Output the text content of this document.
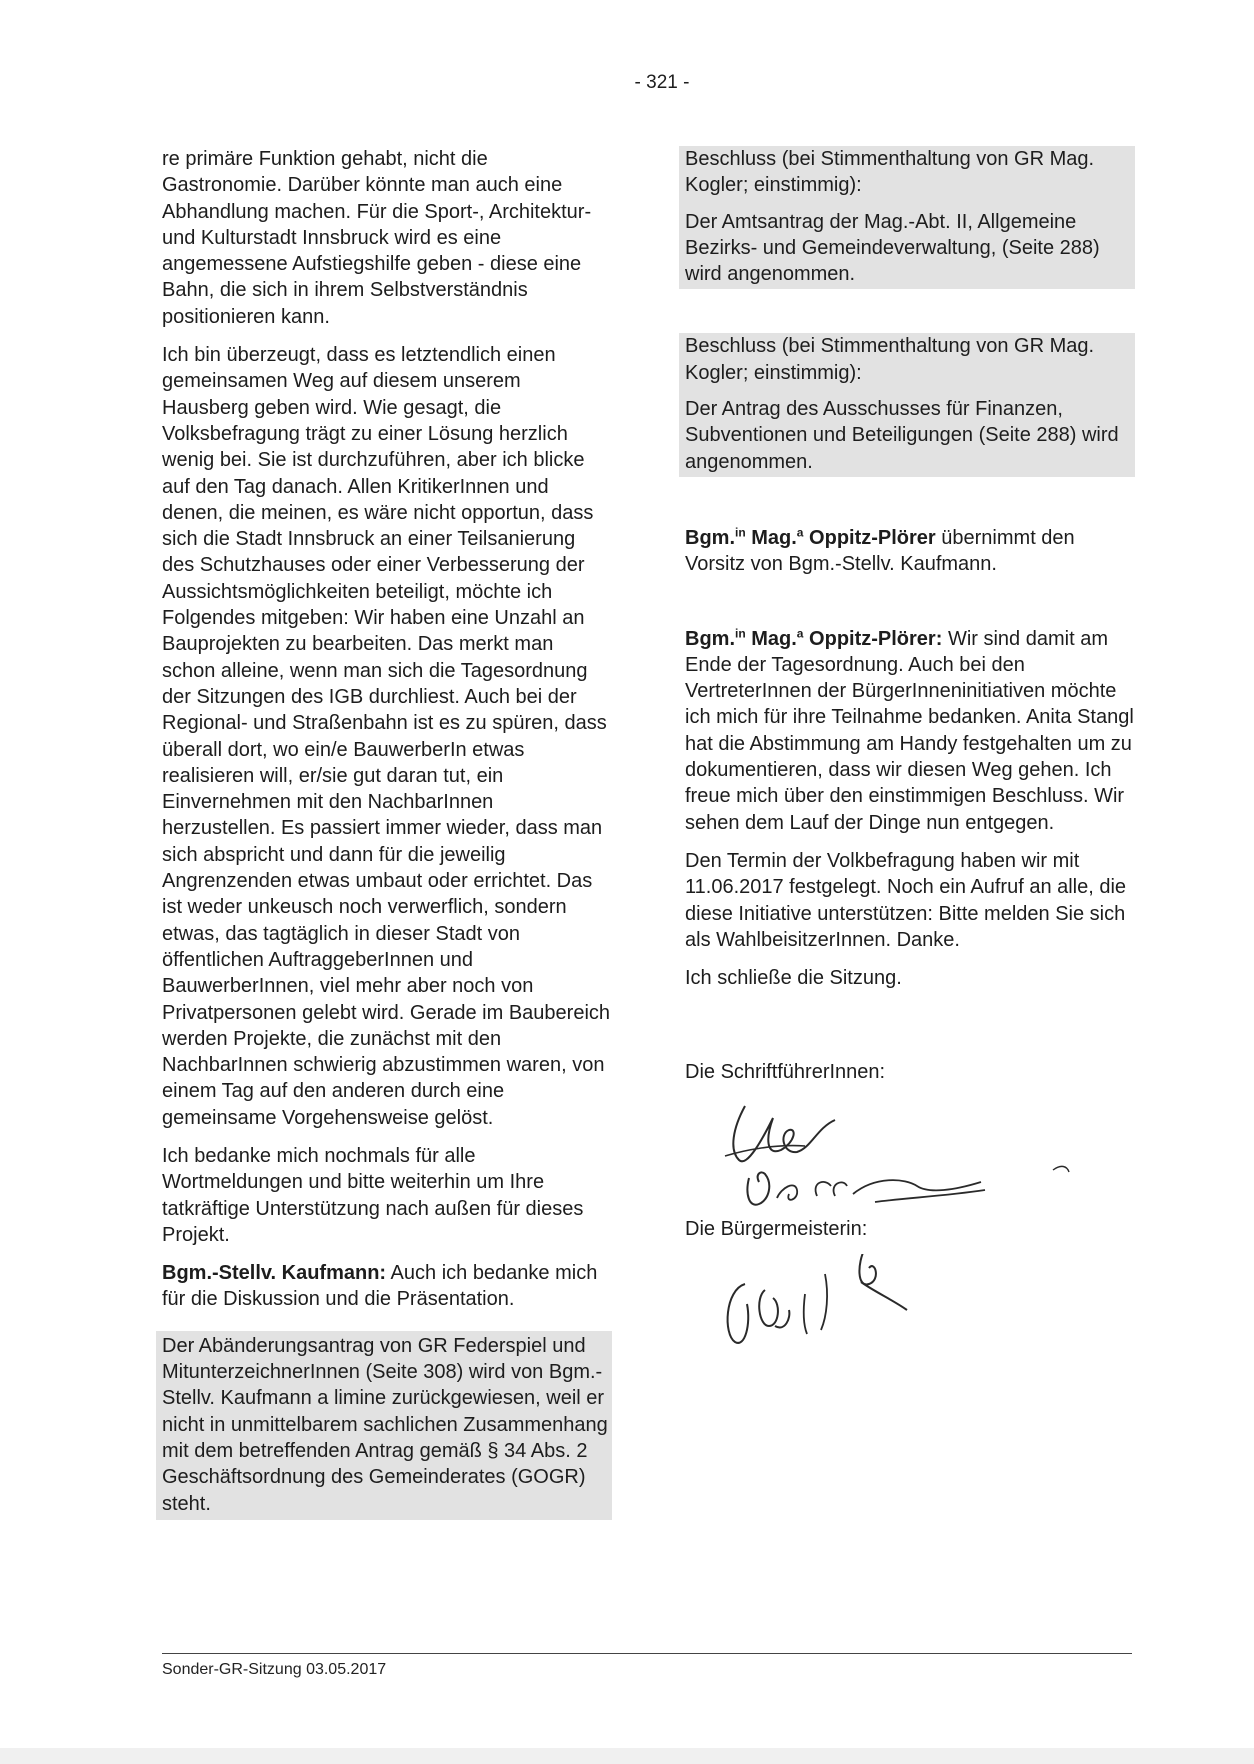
- 321 -

re primäre Funktion gehabt, nicht die Gastronomie. Darüber könnte man auch eine Abhandlung machen. Für die Sport-, Architektur- und Kulturstadt Innsbruck wird es eine angemessene Aufstiegshilfe geben - diese eine Bahn, die sich in ihrem Selbstverständnis positionieren kann.

Ich bin überzeugt, dass es letztendlich einen gemeinsamen Weg auf diesem unserem Hausberg geben wird. Wie gesagt, die Volksbefragung trägt zu einer Lösung herzlich wenig bei. Sie ist durchzuführen, aber ich blicke auf den Tag danach. Allen KritikerInnen und denen, die meinen, es wäre nicht opportun, dass sich die Stadt Innsbruck an einer Teilsanierung des Schutzhauses oder einer Verbesserung der Aussichtsmöglichkeiten beteiligt, möchte ich Folgendes mitgeben: Wir haben eine Unzahl an Bauprojekten zu bearbeiten. Das merkt man schon alleine, wenn man sich die Tagesordnung der Sitzungen des IGB durchliest. Auch bei der Regional- und Straßenbahn ist es zu spüren, dass überall dort, wo ein/e BauwerberIn etwas realisieren will, er/sie gut daran tut, ein Einvernehmen mit den NachbarInnen herzustellen. Es passiert immer wieder, dass man sich abspricht und dann für die jeweilig Angrenzenden etwas umbaut oder errichtet. Das ist weder unkeusch noch verwerflich, sondern etwas, das tagtäglich in dieser Stadt von öffentlichen AuftraggeberInnen und BauwerberInnen, viel mehr aber noch von Privatpersonen gelebt wird. Gerade im Baubereich werden Projekte, die zunächst mit den NachbarInnen schwierig abzustimmen waren, von einem Tag auf den anderen durch eine gemeinsame Vorgehensweise gelöst.

Ich bedanke mich nochmals für alle Wortmeldungen und bitte weiterhin um Ihre tatkräftige Unterstützung nach außen für dieses Projekt.

Bgm.-Stellv. Kaufmann: Auch ich bedanke mich für die Diskussion und die Präsentation.

Der Abänderungsantrag von GR Federspiel und MitunterzeichnerInnen (Seite 308) wird von Bgm.-Stellv. Kaufmann a limine zurückgewiesen, weil er nicht in unmittelbarem sachlichen Zusammenhang mit dem betreffenden Antrag gemäß § 34 Abs. 2 Geschäftsordnung des Gemeinderates (GOGR) steht.

Beschluss (bei Stimmenthaltung von GR Mag. Kogler; einstimmig):

Der Amtsantrag der Mag.-Abt. II, Allgemeine Bezirks- und Gemeindeverwaltung, (Seite 288) wird angenommen.

Beschluss (bei Stimmenthaltung von GR Mag. Kogler; einstimmig):

Der Antrag des Ausschusses für Finanzen, Subventionen und Beteiligungen (Seite 288) wird angenommen.

Bgm.$^{in}$ Mag.$^a$ Oppitz-Plörer übernimmt den Vorsitz von Bgm.-Stellv. Kaufmann.

Bgm.$^{in}$ Mag.$^a$ Oppitz-Plörer: Wir sind damit am Ende der Tagesordnung. Auch bei den VertreterInnen der BürgerInneninitiativen möchte ich mich für ihre Teilnahme bedanken. Anita Stangl hat die Abstimmung am Handy festgehalten um zu dokumentieren, dass wir diesen Weg gehen. Ich freue mich über den einstimmigen Beschluss. Wir sehen dem Lauf der Dinge nun entgegen.

Den Termin der Volkbefragung haben wir mit 11.06.2017 festgelegt. Noch ein Aufruf an alle, die diese Initiative unterstützen: Bitte melden Sie sich als WahlbeisitzerInnen. Danke.

Ich schließe die Sitzung.

Die SchriftführerInnen:

Die Bürgermeisterin:

Sonder-GR-Sitzung 03.05.2017
